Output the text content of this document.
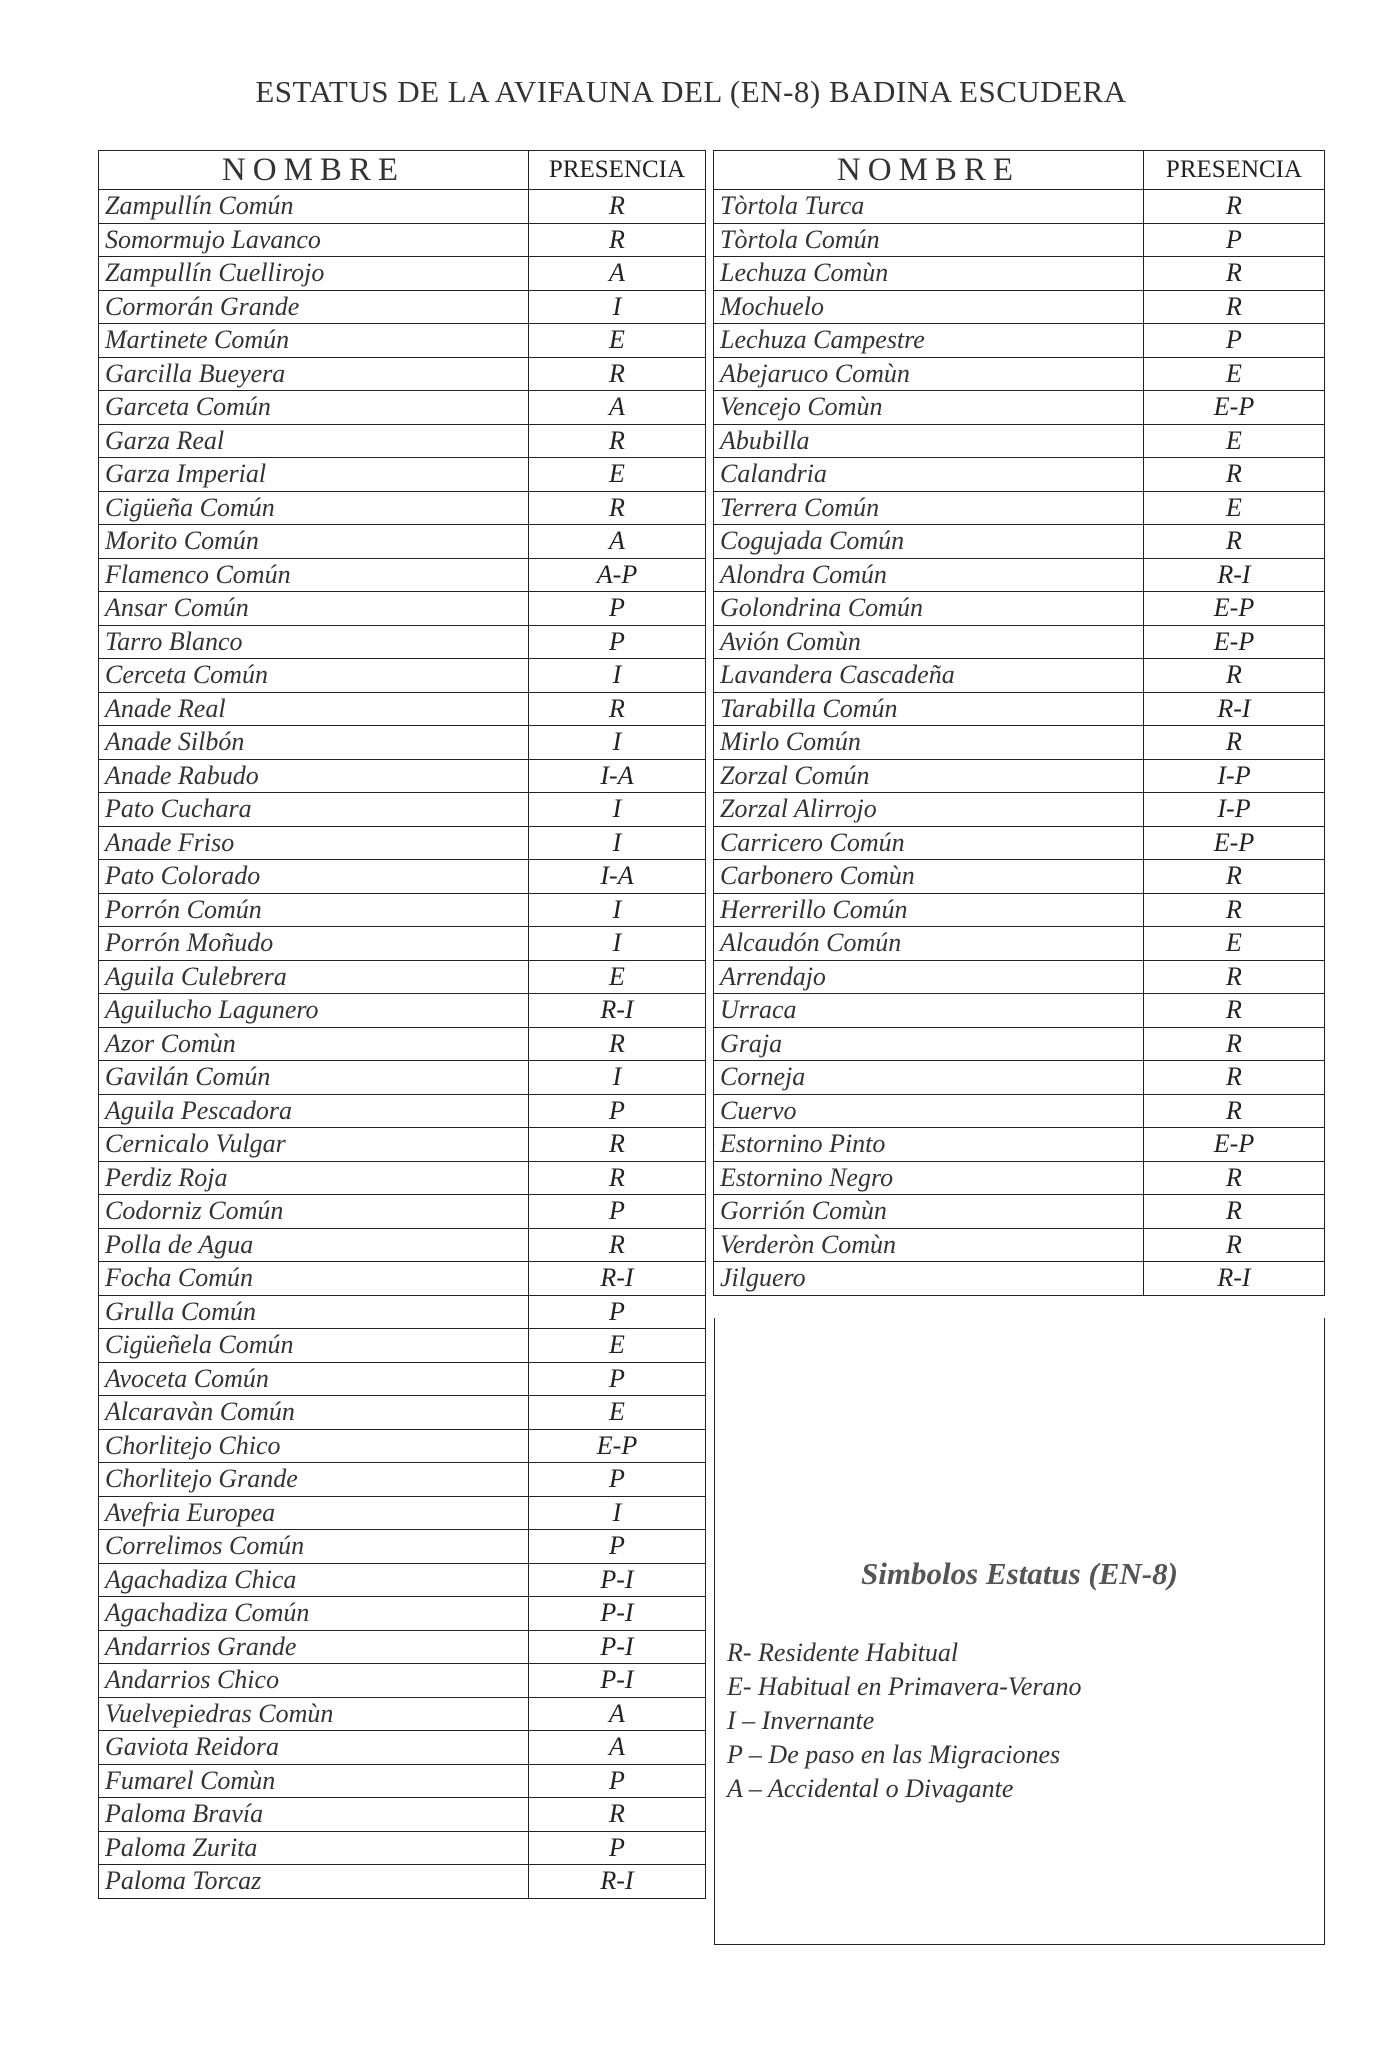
ESTATUS DE LA AVIFAUNA DEL (EN-8) BADINA ESCUDERA
NOMBRE	PRESENCIA
Zampullín Común	R
Somormujo Lavanco	R
Zampullín Cuellirojo	A
Cormorán Grande	I
Martinete Común	E
Garcilla Bueyera	R
Garceta Común	A
Garza Real	R
Garza Imperial	E
Cigüeña Común	R
Morito Común	A
Flamenco Común	A-P
Ansar Común	P
Tarro Blanco	P
Cerceta Común	I
Anade Real	R
Anade Silbón	I
Anade Rabudo	I-A
Pato Cuchara	I
Anade Friso	I
Pato Colorado	I-A
Porrón Común	I
Porrón Moñudo	I
Aguila Culebrera	E
Aguilucho Lagunero	R-I
Azor Comùn	R
Gavilán Común	I
Aguila Pescadora	P
Cernicalo Vulgar	R
Perdiz Roja	R
Codorniz Común	P
Polla de Agua	R
Focha Común	R-I
Grulla Común	P
Cigüeñela Común	E
Avoceta Común	P
Alcaravàn Común	E
Chorlitejo Chico	E-P
Chorlitejo Grande	P
Avefria Europea	I
Correlimos Común	P
Agachadiza Chica	P-I
Agachadiza Común	P-I
Andarrios Grande	P-I
Andarrios Chico	P-I
Vuelvepiedras Comùn	A
Gaviota Reidora	A
Fumarel Comùn	P
Paloma Bravía	R
Paloma Zurita	P
Paloma Torcaz	R-I
NOMBRE	PRESENCIA
Tòrtola Turca	R
Tòrtola Común	P
Lechuza Comùn	R
Mochuelo	R
Lechuza Campestre	P
Abejaruco Comùn	E
Vencejo Comùn	E-P
Abubilla	E
Calandria	R
Terrera Común	E
Cogujada Común	R
Alondra Común	R-I
Golondrina Común	E-P
Avión Comùn	E-P
Lavandera Cascadeña	R
Tarabilla Común	R-I
Mirlo Común	R
Zorzal Común	I-P
Zorzal Alirrojo	I-P
Carricero Común	E-P
Carbonero Comùn	R
Herrerillo Común	R
Alcaudón Común	E
Arrendajo	R
Urraca	R
Graja	R
Corneja	R
Cuervo	R
Estornino Pinto	E-P
Estornino Negro	R
Gorrión Comùn	R
Verderòn Comùn	R
Jilguero	R-I
Simbolos Estatus (EN-8)
R- Residente Habitual
E- Habitual en Primavera-Verano
I – Invernante
P – De paso en las Migraciones
A – Accidental o Divagante
